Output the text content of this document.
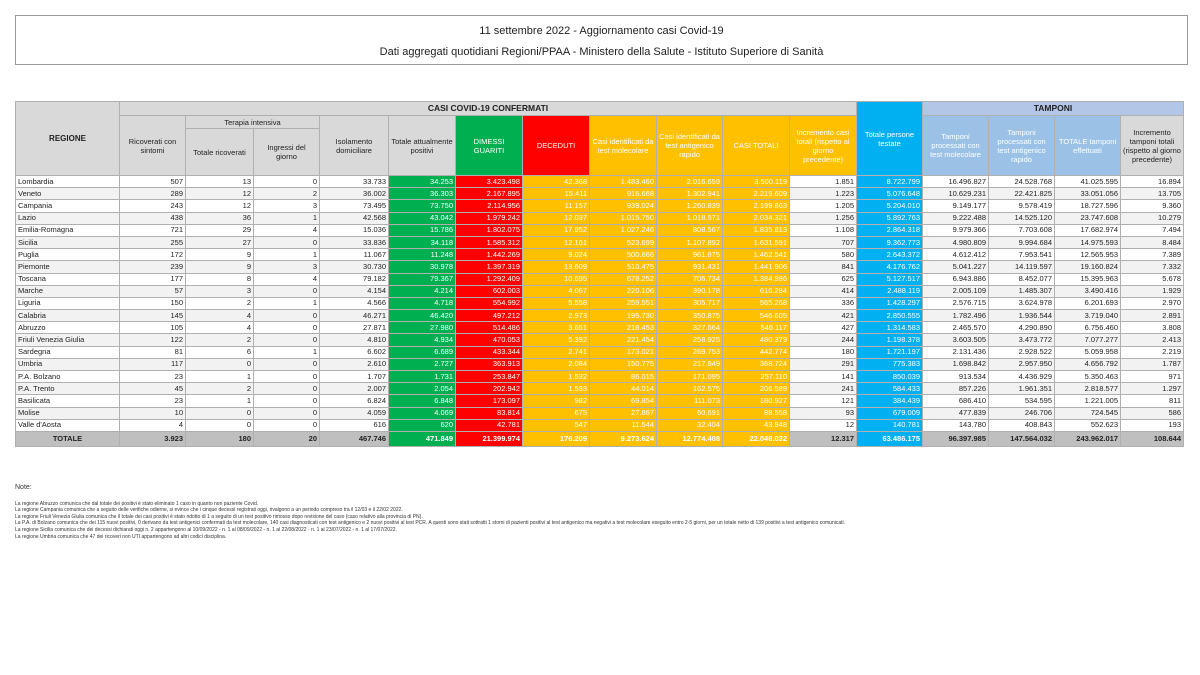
11 settembre 2022 - Aggiornamento casi Covid-19
Dati aggregati quotidiani Regioni/PPAA - Ministero della Salute - Istituto Superiore di Sanità
REGIONE	CASI COVID-19 CONFERMATI											Totale persone testate	TAMPONI			
	Ricoverati con sintomi	Terapia intensiva		Isolamento domiciliare	Totale attualmente positivi	DIMESSI GUARITI	DECEDUTI	Casi identificati da test molecolare	Casi identificati da test antigenico rapido	CASI TOTALI	Incremento casi totali (rispetto al giorno precedente)		Tamponi processati con test molecolare	Tamponi processati con test antigenico rapido	TOTALE tamponi effettuati	Incremento tamponi totali (rispetto al giorno precedente)
		Totale ricoverati	Ingressi del giorno													
Lombardia	507	13	0	33.733	34.253	3.423.498	42.368	1.483.460	2.016.659	3.500.119	1.851	8.722.799	16.496.827	24.528.768	41.025.595	16.894
Veneto	289	12	2	36.002	36.303	2.167.895	15.411	916.668	1.302.941	2.219.609	1.223	5.076.648	10.629.231	22.421.825	33.051.056	13.705
Campania	243	12	3	73.495	73.750	2.114.956	11.157	939.024	1.260.839	2.199.863	1.205	5.204.010	9.149.177	9.578.419	18.727.596	9.360
Lazio	438	36	1	42.568	43.042	1.979.242	12.037	1.015.750	1.018.571	2.034.321	1.256	5.892.763	9.222.488	14.525.120	23.747.608	10.279
Emilia-Romagna	721	29	4	15.036	15.786	1.802.075	17.952	1.027.246	808.567	1.835.813	1.108	2.864.318	9.979.366	7.703.608	17.682.974	7.494
Sicilia	255	27	0	33.836	34.118	1.585.312	12.161	523.699	1.107.892	1.631.591	707	9.362.773	4.980.809	9.994.684	14.975.593	8.484
Puglia	172	9	1	11.067	11.248	1.442.269	9.024	500.666	961.875	1.462.541	580	2.643.372	4.612.412	7.953.541	12.565.953	7.389
Piemonte	239	9	3	30.730	30.978	1.397.319	13.609	510.475	931.431	1.441.906	841	4.176.762	5.041.227	14.119.597	19.160.824	7.332
Toscana	177	8	4	79.182	79.367	1.292.409	10.695	678.252	706.734	1.384.986	625	5.127.517	6.943.886	8.452.077	15.395.963	5.678
Marche	57	3	0	4.154	4.214	602.003	4.067	220.106	390.178	610.284	414	2.488.119	2.005.109	1.485.307	3.490.416	1.929
Liguria	150	2	1	4.566	4.718	554.992	5.558	259.551	305.717	565.268	336	1.428.297	2.576.715	3.624.978	6.201.693	2.970
Calabria	145	4	0	46.271	46.420	497.212	2.973	195.730	350.875	546.605	421	2.850.555	1.782.496	1.936.544	3.719.040	2.891
Abruzzo	105	4	0	27.871	27.980	514.486	3.651	218.453	327.664	546.117	427	1.314.583	2.465.570	4.290.890	6.756.460	3.808
Friuli Venezia Giulia	122	2	0	4.810	4.934	470.053	5.392	221.454	258.925	480.379	244	1.198.378	3.603.505	3.473.772	7.077.277	2.413
Sardegna	81	6	1	6.602	6.689	433.344	2.741	173.021	269.753	442.774	180	1.721.197	2.131.436	2.928.522	5.059.958	2.219
Umbria	117	0	0	2.610	2.727	363.913	2.084	150.775	217.949	368.724	291	775.383	1.698.842	2.957.950	4.656.792	1.787
P.A. Bolzano	23	1	0	1.707	1.731	253.847	1.532	86.015	171.095	257.110	141	850.039	913.534	4.436.929	5.350.463	971
P.A. Trento	45	2	0	2.007	2.054	202.942	1.593	44.014	162.575	206.589	241	584.433	857.226	1.961.351	2.818.577	1.297
Basilicata	23	1	0	6.824	6.848	173.097	982	69.854	111.073	180.927	121	384.439	686.410	534.595	1.221.005	811
Molise	10	0	0	4.059	4.069	83.814	675	27.867	60.691	88.558	93	679.009	477.839	246.706	724.545	586
Valle d'Aosta	4	0	0	616	620	42.781	547	11.544	32.404	43.948	12	140.781	143.780	408.843	552.623	193
TOTALE	3.923	180	20	467.746	471.849	21.399.974	176.209	9.273.624	12.774.408	22.048.032	12.317	63.486.175	96.397.985	147.564.032	243.962.017	108.644
Note:
La regione Abruzzo comunica che dal totale dei positivi è stato eliminato 1 caso in quanto non paziente Covid.
La regione Campania comunica che a seguito delle verifiche odierne, si evince che i cinque decessi registrati oggi, rivalgono a un periodo compreso tra il 12/03 e il 22/02 2022.
La regione Friuli Venezia Giulia comunica che il totale dei casi positivi è stato ridotto di 1 a seguito di un test positivo rimosso dopo revisione del caso (caso relativo alla provincia di PN).
La P.A. di Bolzano comunica che dei 115 nuovi positivi, 0 derivano da test antigenici confermati da test molecolare, 140 casi diagnosticati con test antigenico e 2 nuovi positivi al test PCR. A questi sono stati sottratti 1 storni di pazienti positivi al test antigenico ma negativi a test molecolare eseguito entro 2-5 giorni, per un totale netto di 139 positivi a test antigenico comunicati.
La regione Sicilia comunica che dei decessi dichiarati oggi n. 2 appartengono al 10/09/2022 - n. 1 al 08/09/2022 - n. 1 al 22/08/2022 - n. 1 al 23/07/2022 - n. 1 al 17/07/2022.
La regione Umbria comunica che 47 dei ricoveri non UTI appartengono ad altri codici disciplina.
